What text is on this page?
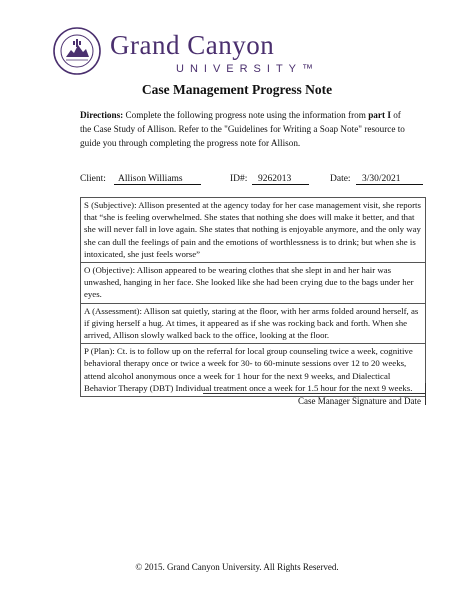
Grand Canyon
UNIVERSITY™
Case Management Progress Note
Directions: Complete the following progress note using the information from part I of the Case Study of Allison. Refer to the "Guidelines for Writing a Soap Note" resource to guide you through completing the progress note for Allison.
Client:	Allison Williams	ID#:	9262013	Date:	3/30/2021
S (Subjective): Allison presented at the agency today for her case management visit, she reports that “she is feeling overwhelmed. She states that nothing she does will make it better, and that she will never fall in love again. She states that nothing is enjoyable anymore, and the only way she can dull the feelings of pain and the emotions of worthlessness is to drink; but when she is intoxicated, she just feels worse”
O (Objective): Allison appeared to be wearing clothes that she slept in and her hair was unwashed, hanging in her face. She looked like she had been crying due to the bags under her eyes.
A (Assessment): Allison sat quietly, staring at the floor, with her arms folded around herself, as if giving herself a hug. At times, it appeared as if she was rocking back and forth. When she arrived, Allison slowly walked back to the office, looking at the floor.
P (Plan): Ct. is to follow up on the referral for local group counseling twice a week, cognitive behavioral therapy once or twice a week for 30- to 60-minute sessions over 12 to 20 weeks, attend alcohol anonymous once a week for 1 hour for the next 9 weeks, and Dialectical Behavior Therapy (DBT) Individual treatment once a week for 1.5 hour for the next 9 weeks.
Case Manager Signature and Date
© 2015. Grand Canyon University. All Rights Reserved.
